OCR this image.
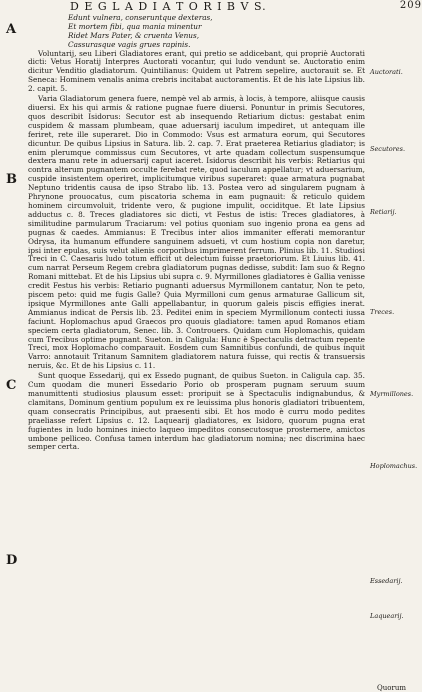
D E G L A D I A T O R I B V S.	209
A
B
C
D
Auctorati.
Secutores.
Retiarij.
Treces.
Myrmillones.
Hoplomachus.
Essedarij.
Laquearij.
Edunt vulnera, conseruntque dexteras,
Et mortem fibi, qua mania minentur
Ridet Mars Pater, & cruenta Venus,
Cassurasque vagis grues rapinis.

Voluntarij, seu Liberi Gladiatores erant, qui pretio se addicebant, qui propriè Auctorati dicti: Vetus Horatij Interpres Auctorati vocantur, qui ludo vendunt se. Auctoratio enim dicitur Venditio gladiatorum. Quintilianus: Quidem ut Patrem sepelire, auctorauit se. Et Seneca: Hominem venalis anima crebris incitabat auctoramentis. Et de his late Lipsius lib. 2. capit. 5.

Varia Gladiatorum genera fuere, nempè vel ab armis, à locis, à tempore, aliisque causis diuersi. Ex his qui armis & ratione pugnae fuere diuersi. Ponuntur in primis Secutores, quos describit Isidorus: Secutor est ab insequendo Retiarium dictus: gestabat enim cuspidem & massam plumbeam, quae aduersarij iaculum impediret, ut antequam ille feriret, rete ille superaret. Dio in Commodo: Vsus est armatura eorum, qui Secutores dicuntur. De quibus Lipsius in Satura. lib. 2. cap. 7. Erat praeterea Retiarius gladiator; is enim plerumque commissus cum Secutores, vt arte quadam collectum suspensumque dextera manu rete in aduersarij caput iaceret. Isidorus describit his verbis: Retiarius qui contra alterum pugnantem occulte ferebat rete, quod iaculum appellatur; vt aduersarium, cuspide insistentem operiret, implicitumque viribus superaret: quae armatura pugnabat Neptuno tridentis causa de ipso Strabo lib. 13. Postea vero ad singularem pugnam à Phrynone prouocatus, cum piscatoria schema in eam pugnauit: & reticulo quidem hominem circumvoluit, tridente vero, & pugione impulit, occiditque. Et late Lipsius adductus c. 8. Treces gladiatores sic dicti, vt Festus de istis: Treces gladiatores, à similitudine parmularum Traciarum: vel potius quoniam suo ingenio prona ea gens ad pugnas & caedes. Ammianus: E Trecibus inter alios immaniter efferati memorantur Odrysa, ita humanum effundere sanguinem adsueti, vt cum hostium copia non daretur, ipsi inter epulas, suis velut alienis corporibus imprimerent ferrum. Plinius lib. 11. Studiosi Treci in C. Caesaris ludo totum efficit ut delectum fuisse praetoriorum. Et Liuius lib. 41. cum narrat Perseum Regem crebra gladiatorum pugnas dedisse, subdit: Iam suo & Regno Romani mittebat. Et de his Lipsius ubi supra c. 9. Myrmillones gladiatores è Gallia venisse credit Festus his verbis: Retiario pugnanti aduersus Myrmillonem cantatur, Non te peto, piscem peto: quid me fugis Galle? Quia Myrmilloni cum genus armaturae Gallicum sit, ipsique Myrmillones ante Galli appellabantur, in quorum galeis piscis effigies inerat. Ammianus indicat de Persis lib. 23. Peditei enim in speciem Myrmillonum contecti iussa faciunt. Hoplomachus apud Graecos pro quouis gladiatore: tamen apud Romanos etiam speciem certa gladiatorum, Senec. lib. 3. Controuers. Quidam cum Hoplomachis, quidam cum Trecibus optime pugnant. Sueton. in Caligula: Hunc è Spectaculis detractum repente Treci, mox Hoplomacho comparauit. Eosdem cum Samnitibus confundi, de quibus inquit Varro: annotauit Tritanum Samnitem gladiatorem natura fuisse, qui rectis & transuersis neruis, &c. Et de his Lipsius c. 11.

Sunt quoque Essedarij, qui ex Essedo pugnant, de quibus Sueton. in Caligula cap. 35. Cum quodam die muneri Essedario Porio ob prosperam pugnam seruum suum manumittenti studiosius plausum esset: proripuit se à Spectaculis indignabundus, & clamitans, Dominum gentium populum ex re leuissima plus honoris gladiatori tribuentem, quam consecratis Principibus, aut praesenti sibi. Et hos modo è curru modo pedites praeliasse refert Lipsius c. 12. Laquearij gladiatores, ex Isidoro, quorum pugna erat fugientes in ludo homines iniecto laqueo impeditos consecutosque prosternere, amictos umbone pelliceo. Confusa tamen interdum hac gladiatorum nomina; nec discrimina haec semper certa.

Quorum
